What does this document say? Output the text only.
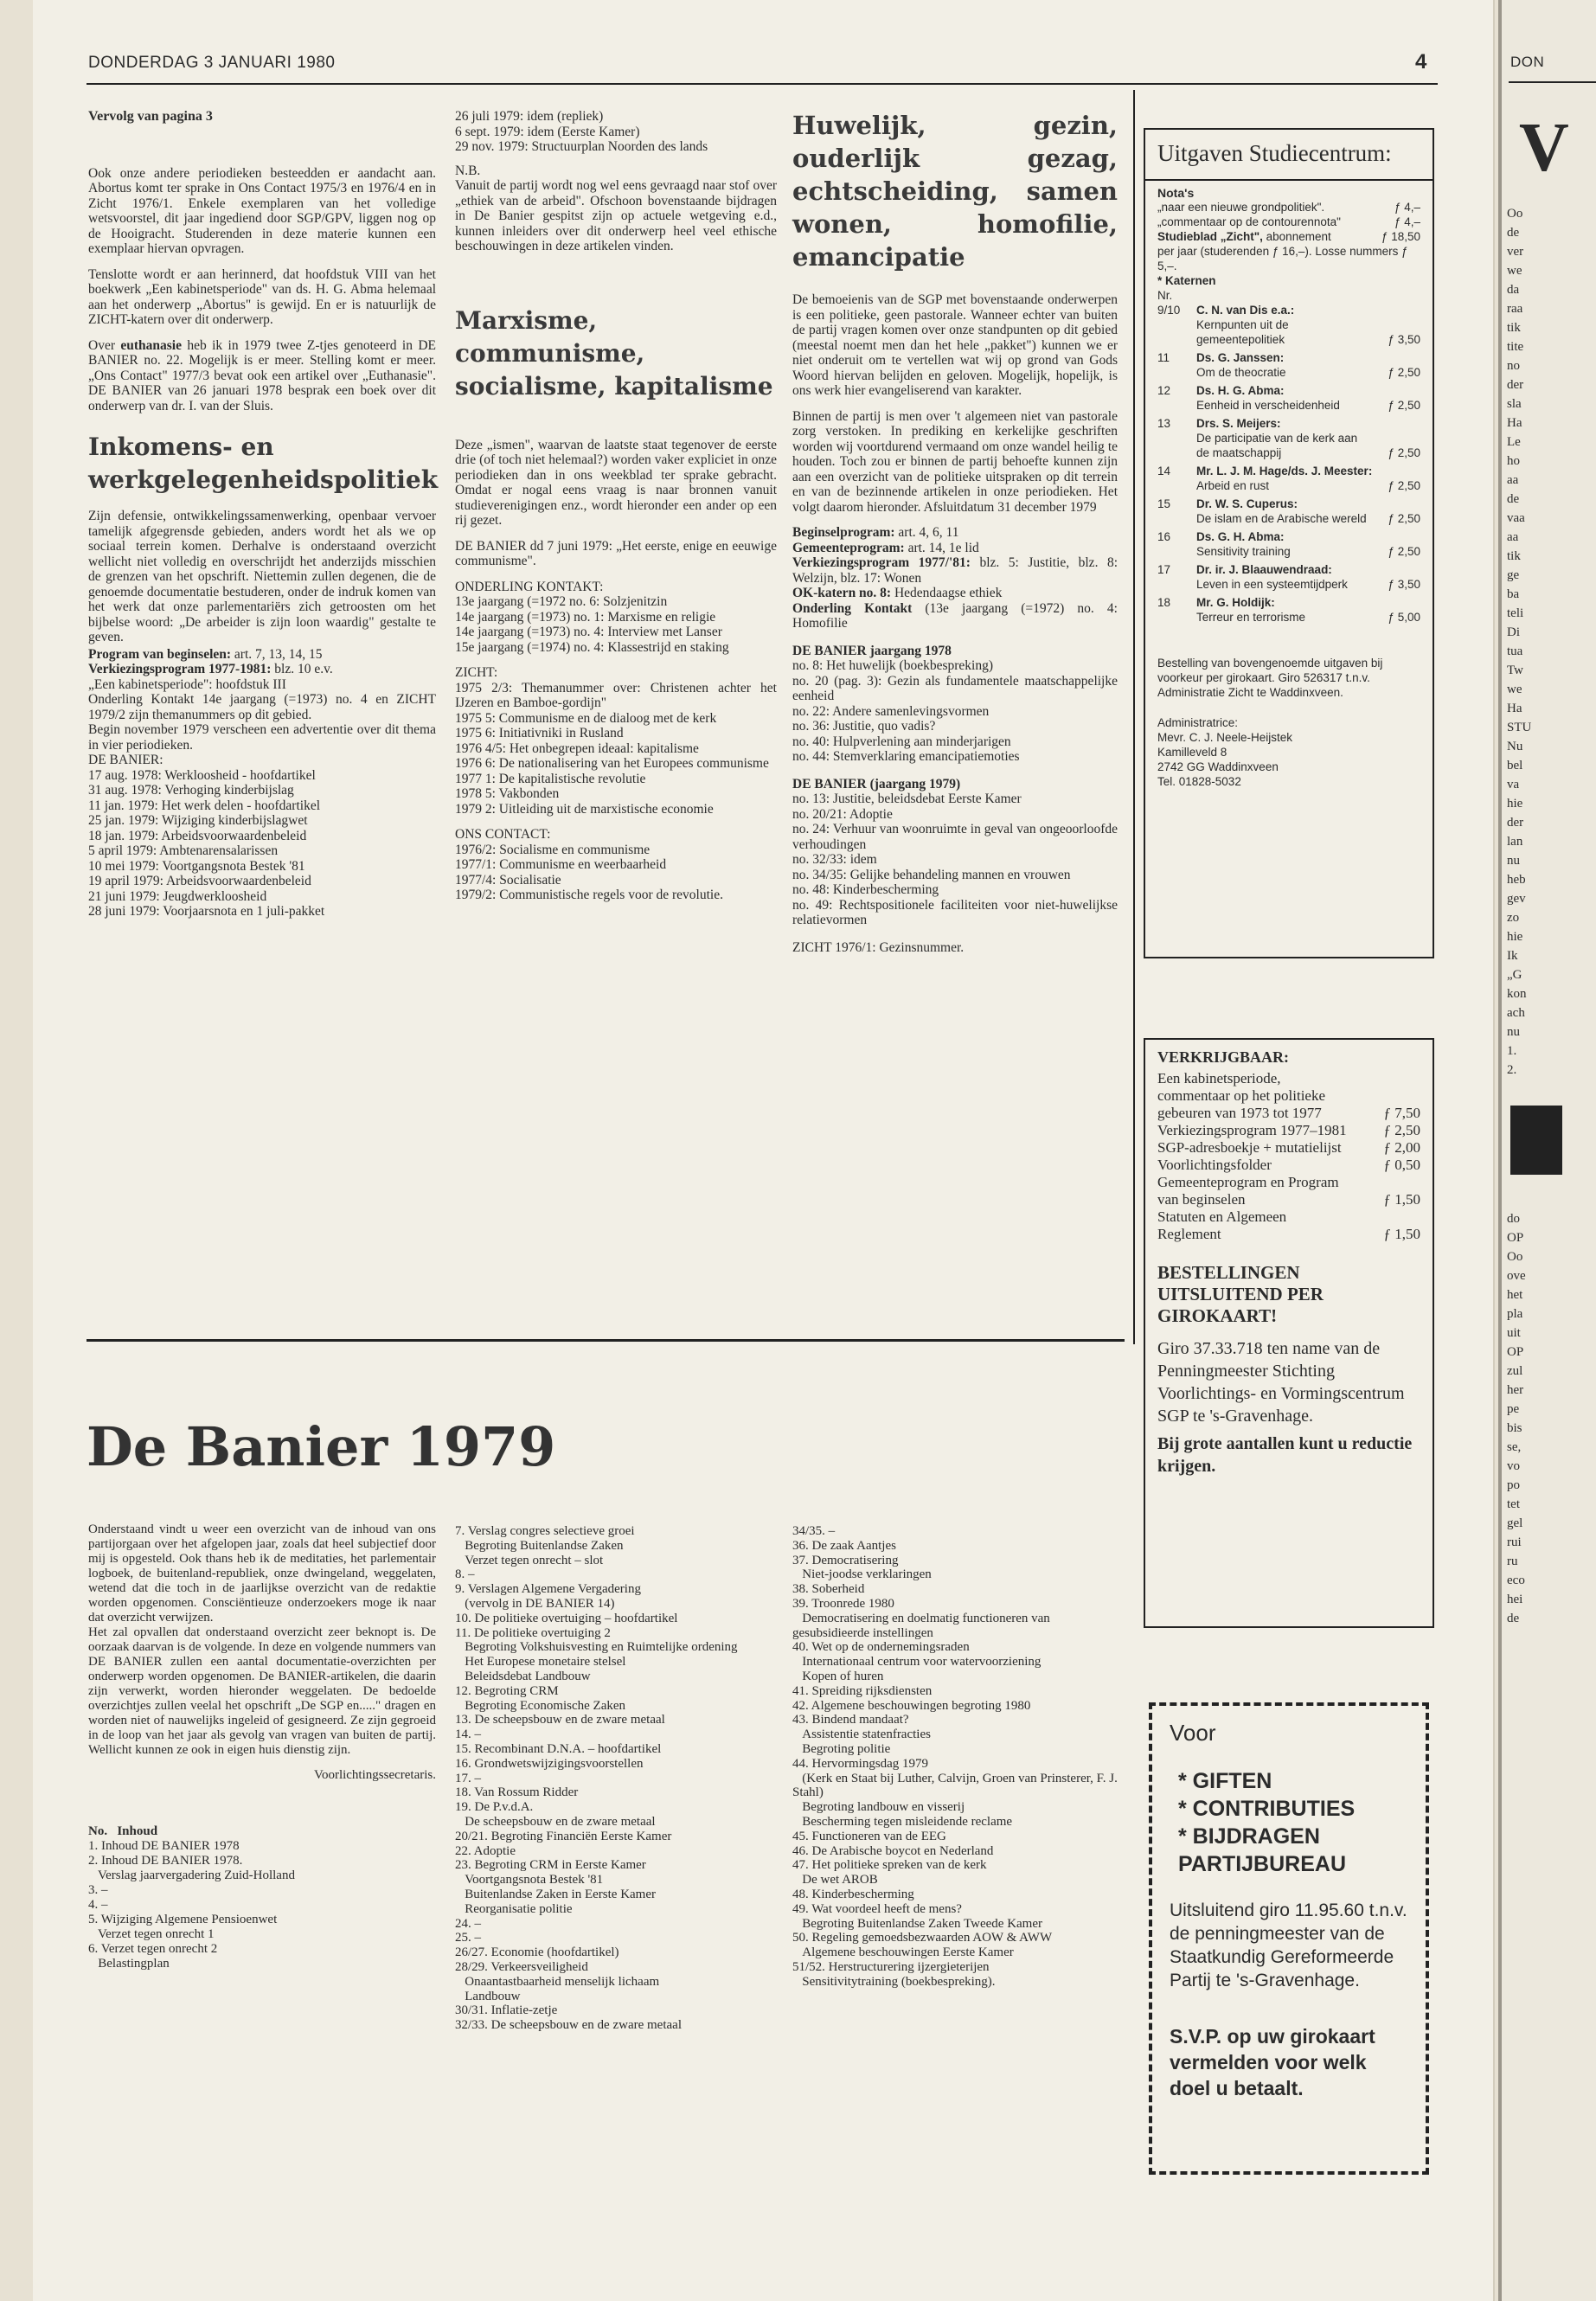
DONDERDAG 3 JANUARI 1980	4
Vervolg van pagina 3

Ook onze andere periodieken besteedden er aandacht aan. Abortus komt ter sprake in Ons Contact 1975/3 en 1976/4 en in Zicht 1976/1. Enkele exemplaren van het volledige wetsvoorstel, dit jaar ingediend door SGP/GPV, liggen nog op de Hooigracht. Studerenden in deze materie kunnen een exemplaar hiervan opvragen.

Tenslotte wordt er aan herinnerd, dat hoofdstuk VIII van het boekwerk „Een kabinetsperiode" van ds. H. G. Abma helemaal aan het onderwerp „Abortus" is gewijd. En er is natuurlijk de ZICHT-katern over dit onderwerp.

Over euthanasie heb ik in 1979 twee Z-tjes genoteerd in DE BANIER no. 22. Mogelijk is er meer. Stelling komt er meer. „Ons Contact" 1977/3 bevat ook een artikel over „Euthanasie". DE BANIER van 26 januari 1978 besprak een boek over dit onderwerp van dr. I. van der Sluis.

Inkomens- en werkgelegenheidspolitiek

Zijn defensie, ontwikkelingssamenwerking, openbaar vervoer tamelijk afgegrensde gebieden, anders wordt het als we op sociaal terrein komen. Derhalve is onderstaand overzicht wellicht niet volledig en overschrijdt het anderzijds misschien de grenzen van het opschrift. Niettemin zullen degenen, die de genoemde documentatie bestuderen, onder de indruk komen van het werk dat onze parlementariërs zich getroosten om het bijbelse woord: „De arbeider is zijn loon waardig" gestalte te geven.

Program van beginselen: art. 7, 13, 14, 15
Verkiezingsprogram 1977-1981: blz. 10 e.v.
„Een kabinetsperiode": hoofdstuk III
Onderling Kontakt 14e jaargang (=1973) no. 4 en ZICHT 1979/2 zijn themanummers op dit gebied.
Begin november 1979 verscheen een advertentie over dit thema in vier periodieken.
DE BANIER:
17 aug. 1978: Werkloosheid - hoofdartikel
31 aug. 1978: Verhoging kinderbijslag
11 jan. 1979: Het werk delen - hoofdartikel
25 jan. 1979: Wijziging kinderbijslagwet
18 jan. 1979: Arbeidsvoorwaardenbeleid
5 april 1979: Ambtenarensalarissen
10 mei 1979: Voortgangsnota Bestek '81
19 april 1979: Arbeidsvoorwaardenbeleid
21 juni 1979: Jeugdwerkloosheid
28 juni 1979: Voorjaarsnota en 1 juli-pakket
26 juli 1979: idem (repliek)
6 sept. 1979: idem (Eerste Kamer)
29 nov. 1979: Structuurplan Noorden des lands
N.B.

Vanuit de partij wordt nog wel eens gevraagd naar stof over „ethiek van de arbeid". Ofschoon bovenstaande bijdragen in De Banier gespitst zijn op actuele wetgeving e.d., kunnen inleiders over dit onderwerp heel veel ethische beschouwingen in deze artikelen vinden.

Marxisme, communisme, socialisme, kapitalisme

Deze „ismen", waarvan de laatste staat tegenover de eerste drie (of toch niet helemaal?) worden vaker expliciet in onze periodieken dan in ons weekblad ter sprake gebracht. Omdat er nogal eens vraag is naar bronnen vanuit studieverenigingen enz., wordt hieronder een ander op een rij gezet.

DE BANIER dd 7 juni 1979: „Het eerste, enige en eeuwige communisme".

ONDERLING KONTAKT:
13e jaargang (=1972 no. 6: Solzjenitzin
14e jaargang (=1973) no. 1: Marxisme en religie
14e jaargang (=1973) no. 4: Interview met Lanser
15e jaargang (=1974) no. 4: Klassestrijd en staking
ZICHT:
1975 2/3: Themanummer over: Christenen achter het IJzeren en Bamboe-gordijn"
1975 5: Communisme en de dialoog met de kerk
1975 6: Initiativniki in Rusland
1976 4/5: Het onbegrepen ideaal: kapitalisme
1976 6: De nationalisering van het Europees communisme
1977 1: De kapitalistische revolutie
1978 5: Vakbonden
1979 2: Uitleiding uit de marxistische economie
ONS CONTACT:
1976/2: Socialisme en communisme
1977/1: Communisme en weerbaarheid
1977/4: Socialisatie
1979/2: Communistische regels voor de revolutie.
Huwelijk, gezin, ouderlijk gezag, echtscheiding, samen wonen, homofilie, emancipatie

De bemoeienis van de SGP met bovenstaande onderwerpen is een politieke, geen pastorale. Wanneer echter van buiten de partij vragen komen over onze standpunten op dit gebied (meestal noemt men dan het hele „pakket") kunnen we er niet onderuit om te vertellen wat wij op grond van Gods Woord hiervan belijden en geloven. Mogelijk, hopelijk, is ons werk hier evangeliserend van karakter.

Binnen de partij is men over 't algemeen niet van pastorale zorg verstoken. In prediking en kerkelijke geschriften worden wij voortdurend vermaand om onze wandel heilig te houden. Toch zou er binnen de partij behoefte kunnen zijn aan een overzicht van de politieke uitspraken op dit terrein en van de bezinnende artikelen in onze periodieken. Het volgt daarom hieronder. Afsluitdatum 31 december 1979

Beginselprogram: art. 4, 6, 11
Gemeenteprogram: art. 14, 1e lid
Verkiezingsprogram 1977/'81: blz. 5: Justitie, blz. 8: Welzijn, blz. 17: Wonen
OK-katern no. 8: Hedendaagse ethiek
Onderling Kontakt (13e jaargang (=1972) no. 4: Homofilie
DE BANIER jaargang 1978
no. 8: Het huwelijk (boekbespreking)
no. 20 (pag. 3): Gezin als fundamentele maatschappelijke eenheid
no. 22: Andere samenlevingsvormen
no. 36: Justitie, quo vadis?
no. 40: Hulpverlening aan minderjarigen
no. 44: Stemverklaring emancipatiemoties
DE BANIER (jaargang 1979)
no. 13: Justitie, beleidsdebat Eerste Kamer
no. 20/21: Adoptie
no. 24: Verhuur van woonruimte in geval van ongeoorloofde verhoudingen
no. 32/33: idem
no. 34/35: Gelijke behandeling mannen en vrouwen
no. 48: Kinderbescherming
no. 49: Rechtspositionele faciliteiten voor niet-huwelijkse relatievormen
ZICHT 1976/1: Gezinsnummer.
Uitgaven Studiecentrum:
Nota's
„naar een nieuwe grondpolitiek".	ƒ 4,–
„commentaar op de contourennota"	ƒ 4,–
Studieblad „Zicht", abonnement	ƒ 18,50
per jaar (studerenden ƒ 16,–). Losse nummers ƒ 5,–.
* Katernen
Nr.
9/10	C. N. van Dis e.a.:
Kernpunten uit de gemeentepolitiek	ƒ 3,50
11	Ds. G. Janssen:
Om de theocratie	ƒ 2,50
12	Ds. H. G. Abma:
Eenheid in verscheidenheid	ƒ 2,50
13	Drs. S. Meijers:
De participatie van de kerk aan de maatschappij	ƒ 2,50
14	Mr. L. J. M. Hage/ds. J. Meester:
Arbeid en rust	ƒ 2,50
15	Dr. W. S. Cuperus:
De islam en de Arabische wereld ƒ 2,50
16	Ds. G. H. Abma:
Sensitivity training	ƒ 2,50
17	Dr. ir. J. Blaauwendraad:
Leven in een systeemtijdperk	ƒ 3,50
18	Mr. G. Holdijk:
Terreur en terrorisme	ƒ 5,00
Bestelling van bovengenoemde uitgaven bij voorkeur per girokaart. Giro 526317 t.n.v. Administratie Zicht te Waddinxveen.
Administratrice:
Mevr. C. J. Neele-Heijstek
Kamilleveld 8
2742 GG Waddinxveen
Tel. 01828-5032
VERKRIJGBAAR:
Een kabinetsperiode, commentaar op het politieke gebeuren van 1973 tot 1977	ƒ 7,50
Verkiezingsprogram 1977–1981	ƒ 2,50
SGP-adresboekje + mutatielijst	ƒ 2,00
Voorlichtingsfolder	ƒ 0,50
Gemeenteprogram en Program van beginselen	ƒ 1,50
Statuten en Algemeen Reglement	ƒ 1,50
BESTELLINGEN UITSLUITEND PER GIROKAART!
Giro 37.33.718 ten name van de Penningmeester Stichting Voorlichtings- en Vormingscentrum SGP te 's-Gravenhage.
Bij grote aantallen kunt u reductie krijgen.
Voor
* GIFTEN
* CONTRIBUTIES
* BIJDRAGEN
PARTIJBUREAU
Uitsluitend giro 11.95.60 t.n.v. de penningmeester van de Staatkundig Gereformeerde Partij te 's-Gravenhage.
S.V.P. op uw girokaart vermelden voor welk doel u betaalt.
De Banier 1979

Onderstaand vindt u weer een overzicht van de inhoud van ons partijorgaan over het afgelopen jaar, zoals dat heel subjectief door mij is opgesteld. Ook thans heb ik de meditaties, het parlementair logboek, de buitenland-republiek, onze dwingeland, weggelaten, wetend dat die toch in de jaarlijkse overzicht van de redaktie worden opgenomen. Consciëntieuze onderzoekers moge ik naar dat overzicht verwijzen.

Het zal opvallen dat onderstaand overzicht zeer beknopt is. De oorzaak daarvan is de volgende. In deze en volgende nummers van DE BANIER zullen een aantal documentatie-overzichten per onderwerp worden opgenomen. De BANIER-artikelen, die daarin zijn verwerkt, worden hieronder weggelaten. De bedoelde overzichtjes zullen veelal het opschrift „De SGP en....." dragen en worden niet of nauwelijks ingeleid of gesigneerd. Ze zijn gegroeid in de loop van het jaar als gevolg van vragen van buiten de partij. Wellicht kunnen ze ook in eigen huis dienstig zijn.

Voorlichtingssecretaris.
No. Inhoud
1. Inhoud DE BANIER 1978
2. Inhoud DE BANIER 1978.
Verslag jaarvergadering Zuid-Holland
3. –
4. –
5. Wijziging Algemene Pensioenwet
Verzet tegen onrecht 1
6. Verzet tegen onrecht 2
Belastingplan
7. Verslag congres selectieve groei
Begroting Buitenlandse Zaken
Verzet tegen onrecht – slot
8. –
9. Verslagen Algemene Vergadering
(vervolg in DE BANIER 14)
10. De politieke overtuiging – hoofdartikel
11. De politieke overtuiging 2
Begroting Volkshuisvesting en Ruimtelijke ordening
Het Europese monetaire stelsel
Beleidsdebat Landbouw
12. Begroting CRM
Begroting Economische Zaken
13. De scheepsbouw en de zware metaal
14. –
15. Recombinant D.N.A. – hoofdartikel
16. Grondwetswijzigingsvoorstellen
17. –
18. Van Rossum Ridder
19. De P.v.d.A.
De scheepsbouw en de zware metaal
20/21. Begroting Financiën Eerste Kamer
22. Adoptie
23. Begroting CRM in Eerste Kamer
Voortgangsnota Bestek '81
Buitenlandse Zaken in Eerste Kamer
Reorganisatie politie
24. –
25. –
26/27. Economie (hoofdartikel)
28/29. Verkeersveiligheid
Onaantastbaarheid menselijk lichaam
Landbouw
30/31. Inflatie-zetje
32/33. De scheepsbouw en de zware metaal
34/35. –
36. De zaak Aantjes
37. Democratisering
Niet-joodse verklaringen
38. Soberheid
39. Troonrede 1980
Democratisering en doelmatig functioneren van gesubsidieerde instellingen
40. Wet op de ondernemingsraden
Internationaal centrum voor watervoorziening
Kopen of huren
41. Spreiding rijksdiensten
42. Algemene beschouwingen begroting 1980
43. Bindend mandaat?
Assistentie statenfracties
Begroting politie
44. Hervormingsdag 1979
(Kerk en Staat bij Luther, Calvijn, Groen van Prinsterer, F. J. Stahl)
Begroting landbouw en visserij
Bescherming tegen misleidende reclame
45. Functioneren van de EEG
46. De Arabische boycot en Nederland
47. Het politieke spreken van de kerk
De wet AROB
48. Kinderbescherming
49. Wat voordeel heeft de mens?
Begroting Buitenlandse Zaken Tweede Kamer
50. Regeling gemoedsbezwaarden AOW & AWW
Algemene beschouwingen Eerste Kamer
51/52. Herstructurering ijzergieterijen
Sensitivitytraining (boekbespreking).
DON
V
Oo
de
ver
we
da
raa
tik
tite
no
der
sla
Ha
Le
ho
aa
de
vaa
aa
tik
ge
ba
teli
Di
tua
Tw
we
Ha
STU
Nu
bel
va
hie
der
lan
nu
heb
gev
zo
hie
Ik
„G
kon
ach
nu
1.
2.
do
OP
Oo
ove
het
pla
uit
OP
zul
her
pe
bis
se,
vo
po
tet
gel
rui
ru
eco
hei
de
